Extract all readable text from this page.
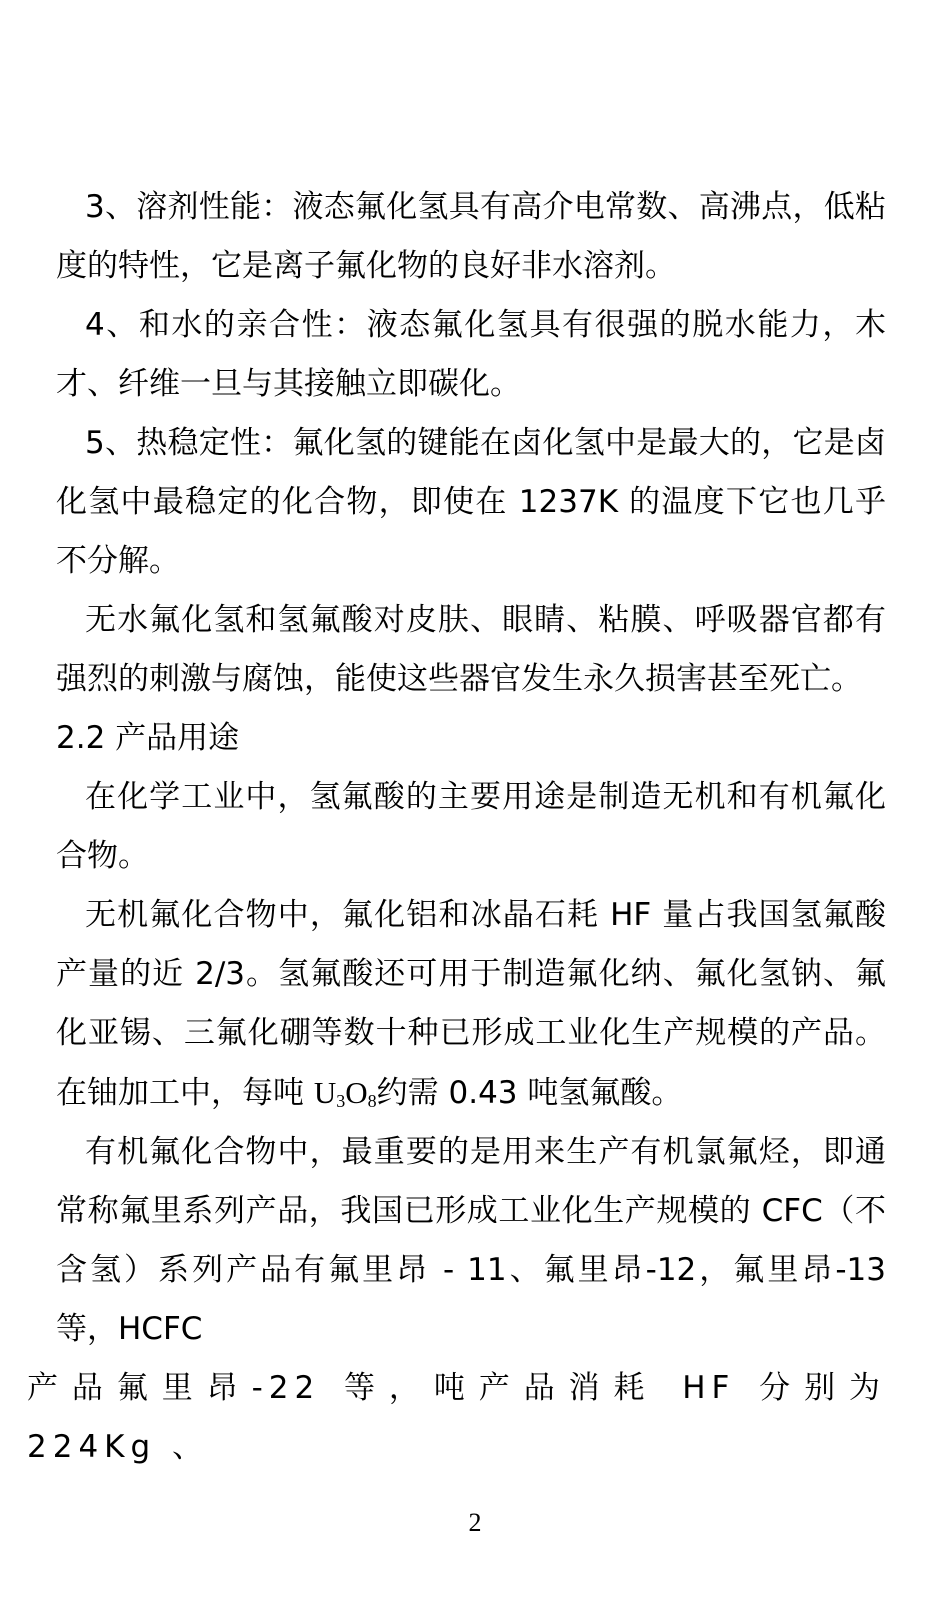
3、溶剂性能：液态氟化氢具有高介电常数、高沸点，低粘度的特性，它是离子氟化物的良好非水溶剂。

4、和水的亲合性：液态氟化氢具有很强的脱水能力，木才、纤维一旦与其接触立即碳化。

5、热稳定性：氟化氢的键能在卤化氢中是最大的，它是卤化氢中最稳定的化合物，即使在 1237K 的温度下它也几乎不分解。

无水氟化氢和氢氟酸对皮肤、眼睛、粘膜、呼吸器官都有强烈的刺激与腐蚀，能使这些器官发生永久损害甚至死亡。

2.2 产品用途

在化学工业中，氢氟酸的主要用途是制造无机和有机氟化合物。

无机氟化合物中，氟化铝和冰晶石耗 HF 量占我国氢氟酸产量的近 2/3。氢氟酸还可用于制造氟化纳、氟化氢钠、氟化亚锡、三氟化硼等数十种已形成工业化生产规模的产品。在铀加工中，每吨 $U_3O_8$约需 0.43 吨氢氟酸。

有机氟化合物中，最重要的是用来生产有机氯氟烃，即通常称氟里系列产品，我国已形成工业化生产规模的 CFC（不含氢）系列产品有氟里昂 - 11、氟里昂-12，氟里昂-13 等，HCFC
产品氟里昂-22 等，吨产品消耗 HF 分别为 224Kg 、

2
